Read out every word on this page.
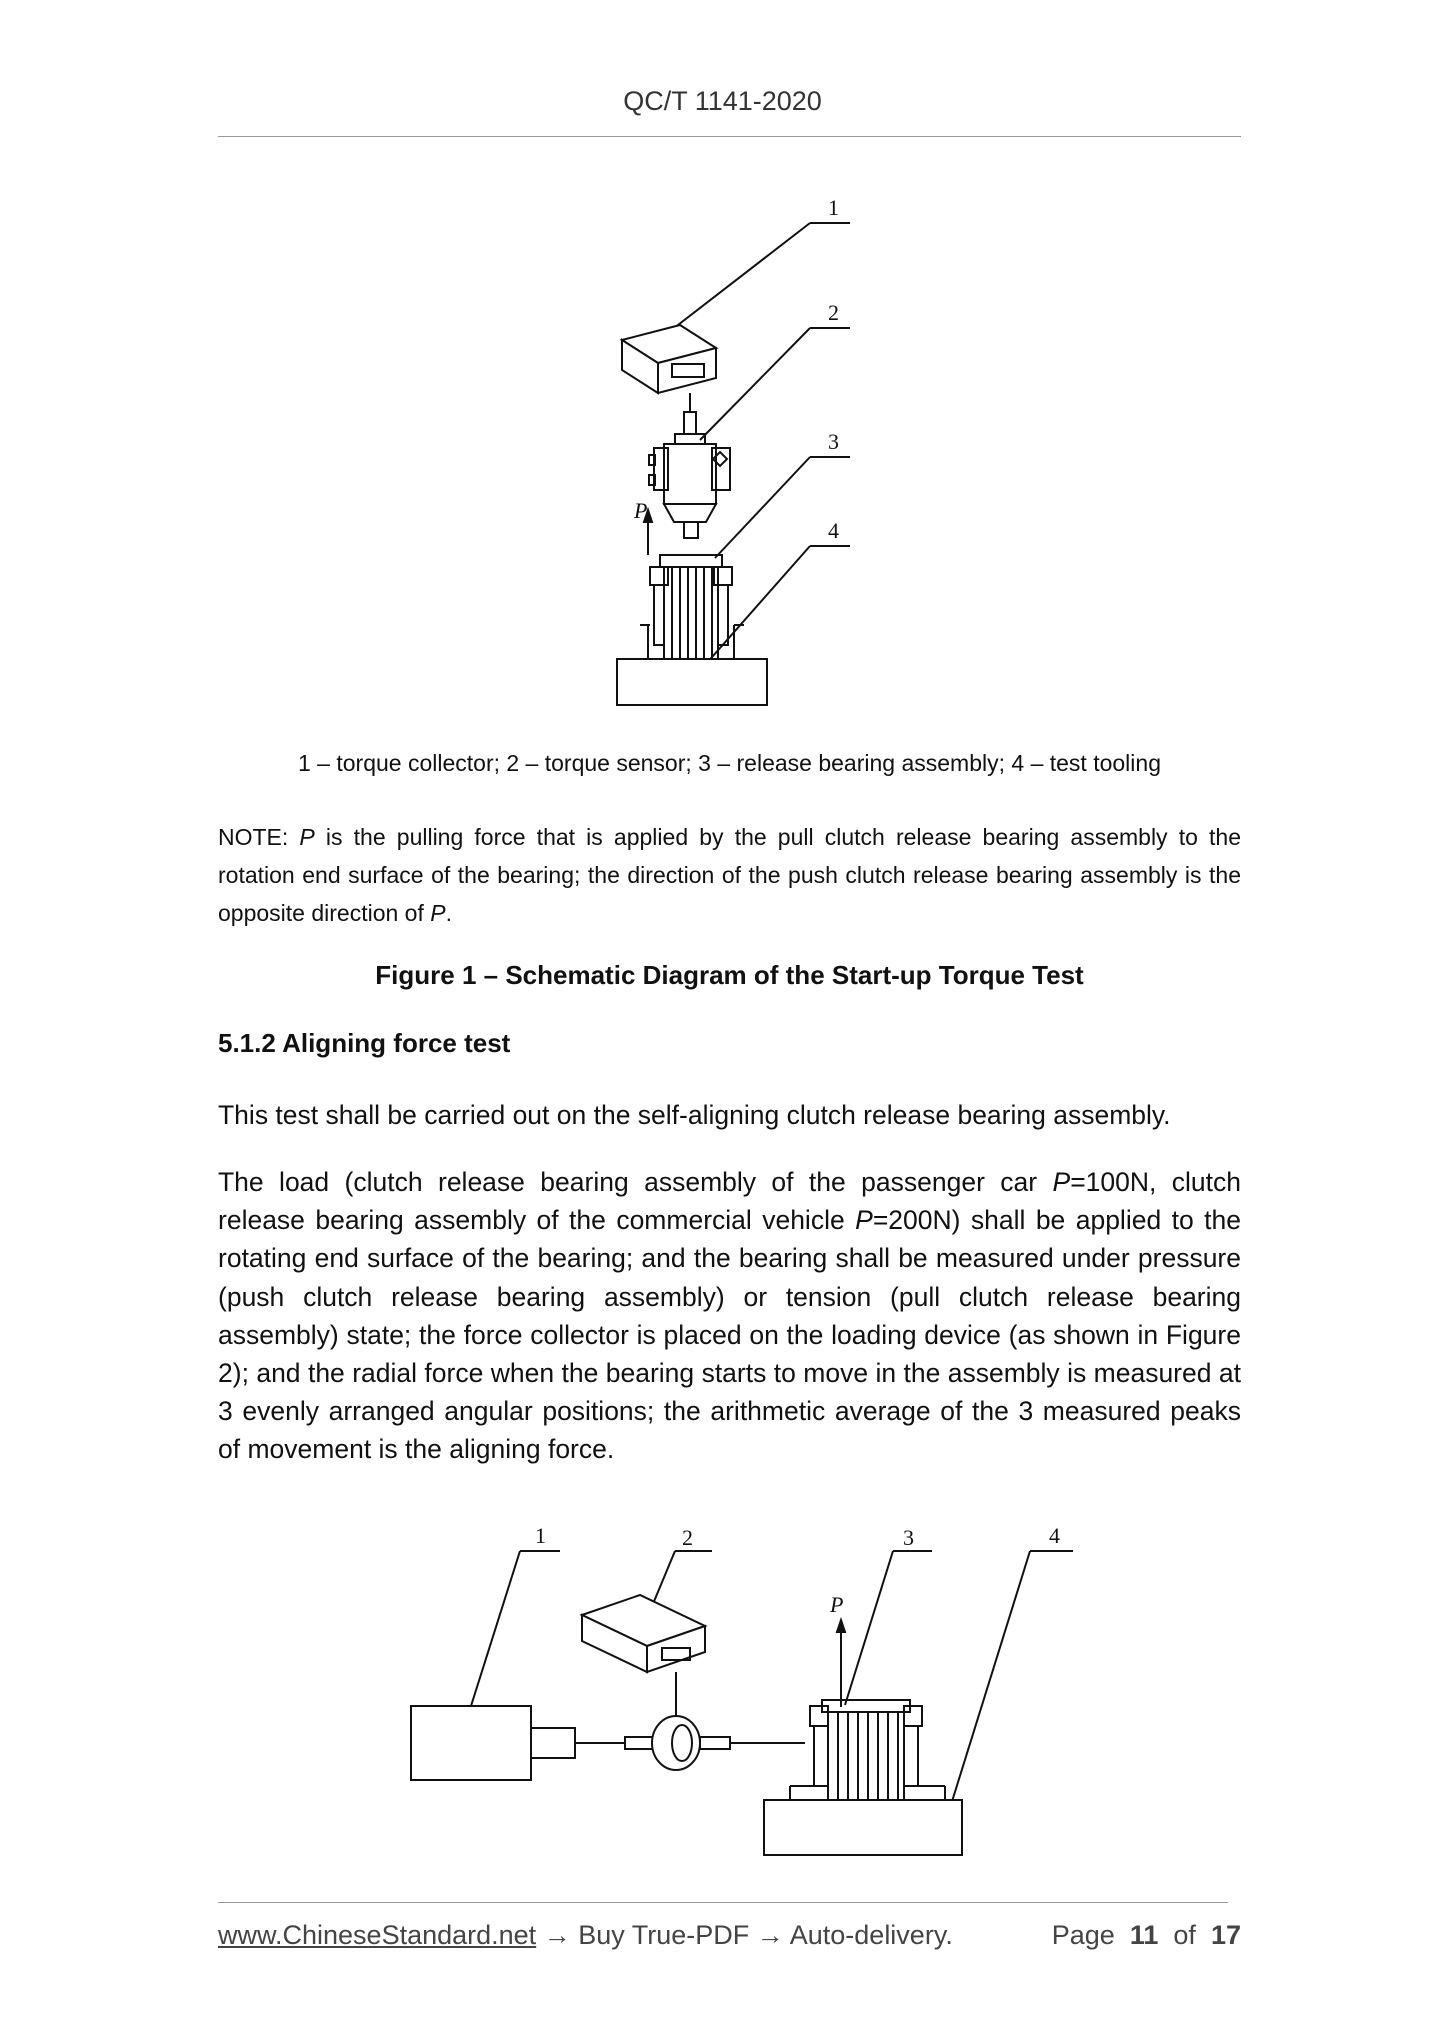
QC/T 1141-2020
1
2
3
4
P
1 – torque collector; 2 – torque sensor; 3 – release bearing assembly; 4 – test tooling
NOTE: P is the pulling force that is applied by the pull clutch release bearing assembly to the rotation end surface of the bearing; the direction of the push clutch release bearing assembly is the opposite direction of P.
Figure 1 – Schematic Diagram of the Start-up Torque Test
5.1.2 Aligning force test
This test shall be carried out on the self-aligning clutch release bearing assembly.
The load (clutch release bearing assembly of the passenger car P=100N, clutch release bearing assembly of the commercial vehicle P=200N) shall be applied to the rotating end surface of the bearing; and the bearing shall be measured under pressure (push clutch release bearing assembly) or tension (pull clutch release bearing assembly) state; the force collector is placed on the loading device (as shown in Figure 2); and the radial force when the bearing starts to move in the assembly is measured at 3 evenly arranged angular positions; the arithmetic average of the 3 measured peaks of movement is the aligning force.
1	2	3	4
P
www.ChineseStandard.net → Buy True-PDF → Auto-delivery.	Page 11 of 17
